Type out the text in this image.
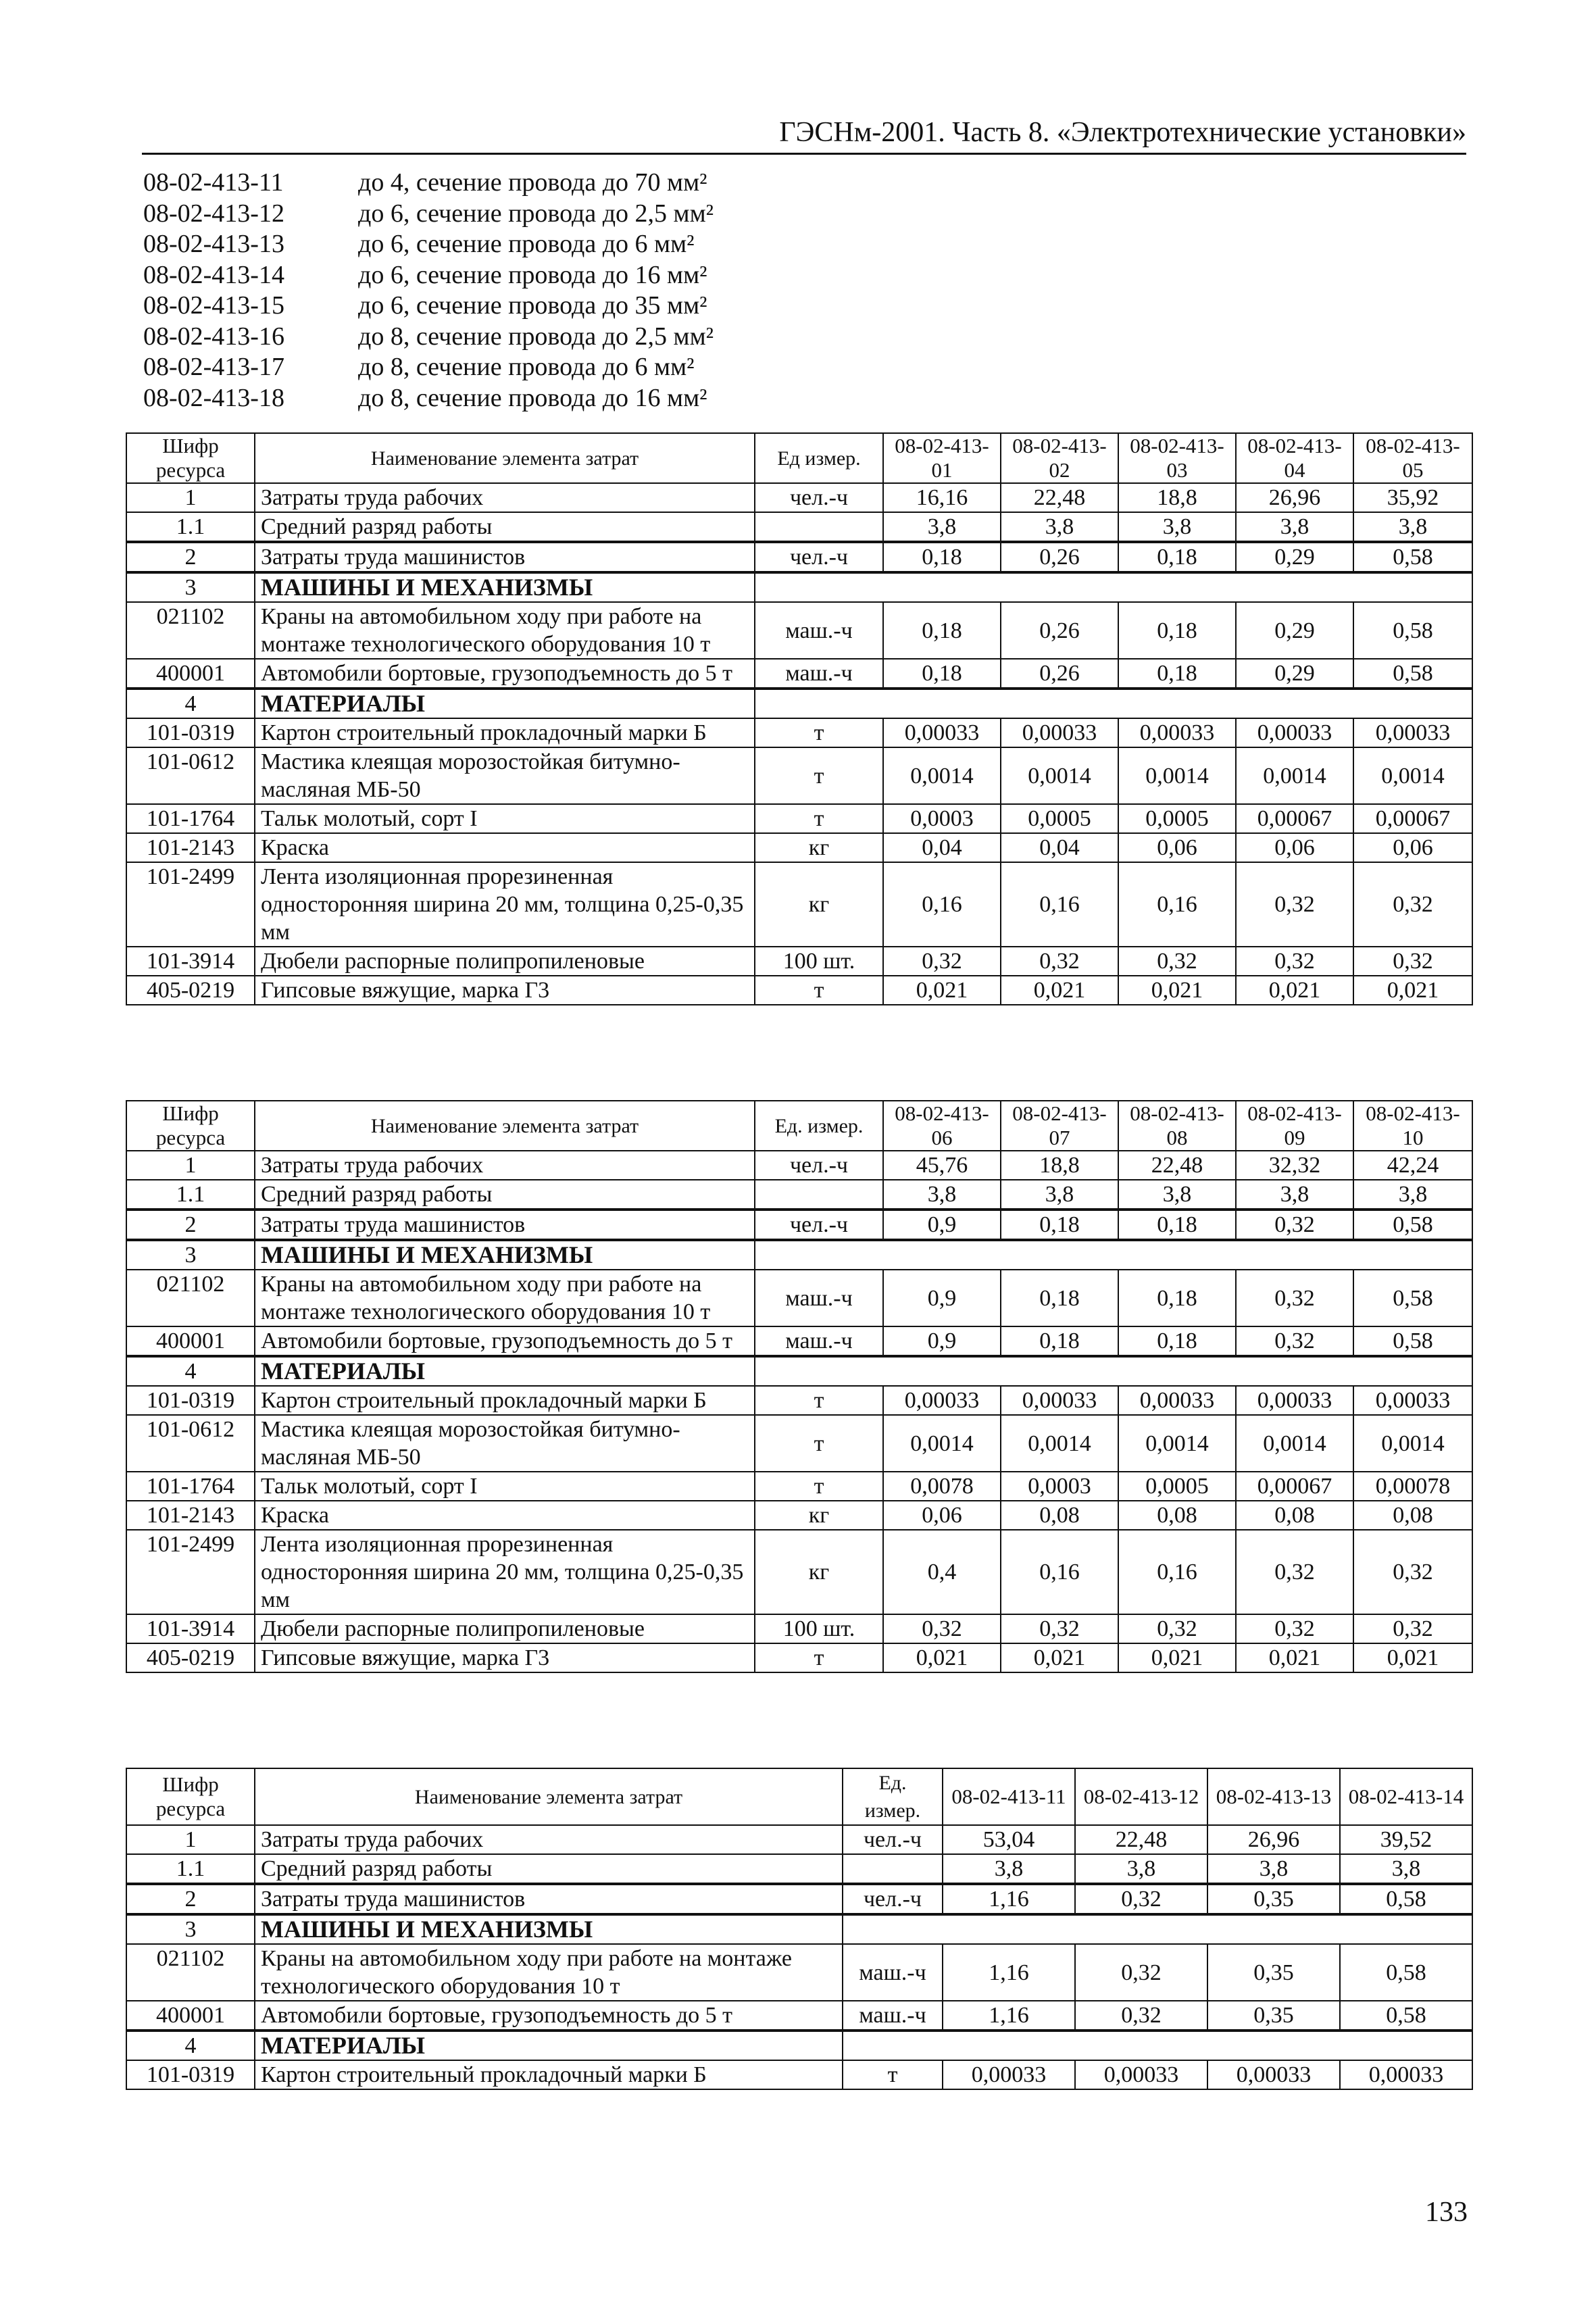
ГЭСНм-2001. Часть 8. «Электротехнические установки»
08-02-413-11	до 4, сечение провода до 70 мм²
08-02-413-12	до 6, сечение провода до 2,5 мм²
08-02-413-13	до 6, сечение провода до 6 мм²
08-02-413-14	до 6, сечение провода до 16 мм²
08-02-413-15	до 6, сечение провода до 35 мм²
08-02-413-16	до 8, сечение провода до 2,5 мм²
08-02-413-17	до 8, сечение провода до 6 мм²
08-02-413-18	до 8, сечение провода до 16 мм²
Шифр ресурса	Наименование элемента затрат	Ед измер.	08-02-413-01	08-02-413-02	08-02-413-03	08-02-413-04	08-02-413-05
1	Затраты труда рабочих	чел.-ч	16,16	22,48	18,8	26,96	35,92
1.1	Средний разряд работы		3,8	3,8	3,8	3,8	3,8
2	Затраты труда машинистов	чел.-ч	0,18	0,26	0,18	0,29	0,58
3	МАШИНЫ И МЕХАНИЗМЫ						
021102	Краны на автомобильном ходу при работе на монтаже технологического оборудования 10 т	маш.-ч	0,18	0,26	0,18	0,29	0,58
400001	Автомобили бортовые, грузоподъемность до 5 т	маш.-ч	0,18	0,26	0,18	0,29	0,58
4	МАТЕРИАЛЫ						
101-0319	Картон строительный прокладочный марки Б	т	0,00033	0,00033	0,00033	0,00033	0,00033
101-0612	Мастика клеящая морозостойкая битумно-масляная МБ-50	т	0,0014	0,0014	0,0014	0,0014	0,0014
101-1764	Тальк молотый, сорт I	т	0,0003	0,0005	0,0005	0,00067	0,00067
101-2143	Краска	кг	0,04	0,04	0,06	0,06	0,06
101-2499	Лента изоляционная прорезиненная односторонняя ширина 20 мм, толщина 0,25-0,35 мм	кг	0,16	0,16	0,16	0,32	0,32
101-3914	Дюбели распорные полипропиленовые	100 шт.	0,32	0,32	0,32	0,32	0,32
405-0219	Гипсовые вяжущие, марка Г3	т	0,021	0,021	0,021	0,021	0,021
Шифр ресурса	Наименование элемента затрат	Ед. измер.	08-02-413-06	08-02-413-07	08-02-413-08	08-02-413-09	08-02-413-10
1	Затраты труда рабочих	чел.-ч	45,76	18,8	22,48	32,32	42,24
1.1	Средний разряд работы		3,8	3,8	3,8	3,8	3,8
2	Затраты труда машинистов	чел.-ч	0,9	0,18	0,18	0,32	0,58
3	МАШИНЫ И МЕХАНИЗМЫ						
021102	Краны на автомобильном ходу при работе на монтаже технологического оборудования 10 т	маш.-ч	0,9	0,18	0,18	0,32	0,58
400001	Автомобили бортовые, грузоподъемность до 5 т	маш.-ч	0,9	0,18	0,18	0,32	0,58
4	МАТЕРИАЛЫ						
101-0319	Картон строительный прокладочный марки Б	т	0,00033	0,00033	0,00033	0,00033	0,00033
101-0612	Мастика клеящая морозостойкая битумно-масляная МБ-50	т	0,0014	0,0014	0,0014	0,0014	0,0014
101-1764	Тальк молотый, сорт I	т	0,0078	0,0003	0,0005	0,00067	0,00078
101-2143	Краска	кг	0,06	0,08	0,08	0,08	0,08
101-2499	Лента изоляционная прорезиненная односторонняя ширина 20 мм, толщина 0,25-0,35 мм	кг	0,4	0,16	0,16	0,32	0,32
101-3914	Дюбели распорные полипропиленовые	100 шт.	0,32	0,32	0,32	0,32	0,32
405-0219	Гипсовые вяжущие, марка Г3	т	0,021	0,021	0,021	0,021	0,021
Шифр ресурса	Наименование элемента затрат	Ед. измер.	08-02-413-11	08-02-413-12	08-02-413-13	08-02-413-14
1	Затраты труда рабочих	чел.-ч	53,04	22,48	26,96	39,52
1.1	Средний разряд работы		3,8	3,8	3,8	3,8
2	Затраты труда машинистов	чел.-ч	1,16	0,32	0,35	0,58
3	МАШИНЫ И МЕХАНИЗМЫ					
021102	Краны на автомобильном ходу при работе на монтаже технологического оборудования 10 т	маш.-ч	1,16	0,32	0,35	0,58
400001	Автомобили бортовые, грузоподъемность до 5 т	маш.-ч	1,16	0,32	0,35	0,58
4	МАТЕРИАЛЫ					
101-0319	Картон строительный прокладочный марки Б	т	0,00033	0,00033	0,00033	0,00033
133
